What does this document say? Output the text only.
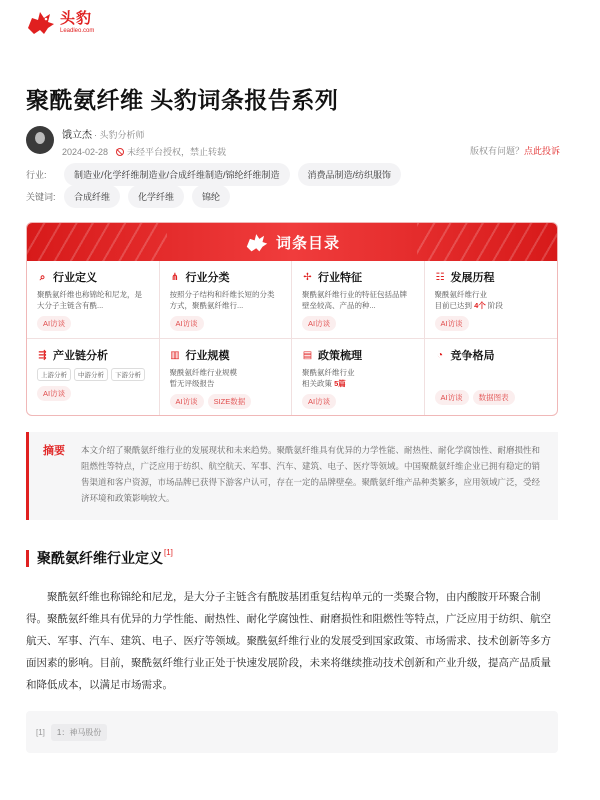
头豹
Leadleo.com
聚酰氨纤维 头豹词条报告系列
饿立杰 · 头豹分析师
2024-02-28 未经平台授权，禁止转载	版权有问题？点此投诉
行业:	制造业/化学纤维制造业/合成纤维制造/锦纶纤维制造	消费品制造/纺织服饰
关键词:	合成纤维	化学纤维	锦纶
词条目录
⌕ 行业定义
聚酰氨纤维也称锦纶和尼龙，是大分子主链含有酰...
AI访谈
⋔ 行业分类
按照分子结构和纤维长短的分类方式，聚酰氨纤维行...
AI访谈
✢ 行业特征
聚酰氨纤维行业的特征包括品牌壁垒较高、产品的种...
AI访谈
☷ 发展历程
聚酰氨纤维行业
目前已达到 4个 阶段
AI访谈
⇶ 产业链分析
上游分析	中游分析	下游分析
AI访谈
▥ 行业规模
聚酰氨纤维行业规模
暂无评级报告
AI访谈 SIZE数据
▤ 政策梳理
聚酰氨纤维行业
相关政策 5篇
AI访谈
◔ 竞争格局
AI访谈 数据图表
摘要	本文介绍了聚酰氨纤维行业的发展现状和未来趋势。聚酰氨纤维具有优异的力学性能、耐热性、耐化学腐蚀性、耐磨损性和阻燃性等特点，广泛应用于纺织、航空航天、军事、汽车、建筑、电子、医疗等领域。中国聚酰氨纤维企业已拥有稳定的销售渠道和客户资源，市场品牌已获得下游客户认可，存在一定的品牌壁垒。聚酰氨纤维产品种类繁多，应用领域广泛，受经济环境和政策影响较大。
聚酰氨纤维行业定义[1]
聚酰氨纤维也称锦纶和尼龙，是大分子主链含有酰胺基团重复结构单元的一类聚合物，由内酸胺开环聚合制得。聚酰氨纤维具有优异的力学性能、耐热性、耐化学腐蚀性、耐磨损性和阻燃性等特点，广泛应用于纺织、航空航天、军事、汽车、建筑、电子、医疗等领域。聚酰氨纤维行业的发展受到国家政策、市场需求、技术创新等多方面因素的影响。目前，聚酰氨纤维行业正处于快速发展阶段，未来将继续推动技术创新和产业升级，提高产品质量和降低成本，以满足市场需求。
[1]	1：神马股份
